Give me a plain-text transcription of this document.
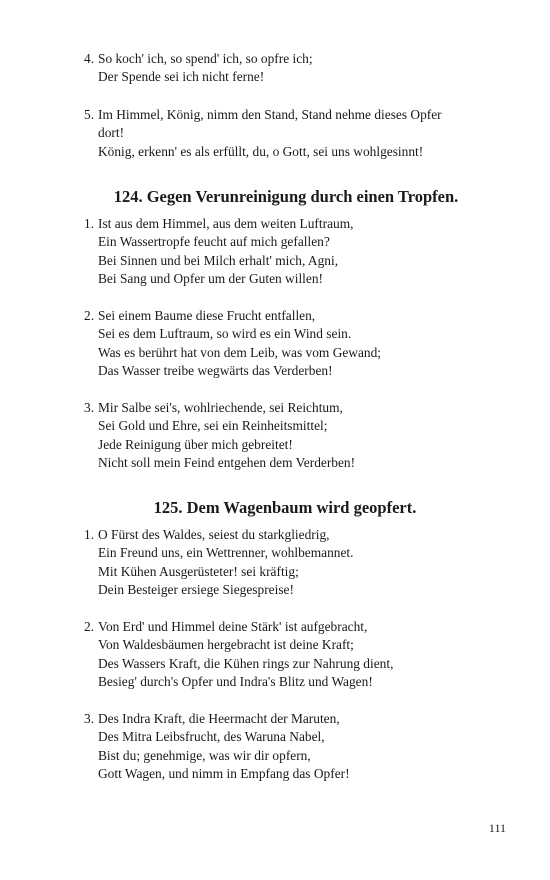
4. So koch' ich, so spend' ich, so opfre ich;
Der Spende sei ich nicht ferne!
5. Im Himmel, König, nimm den Stand, Stand nehme dieses Opfer
dort!
König, erkenn' es als erfüllt, du, o Gott, sei uns wohlgesinnt!
124. Gegen Verunreinigung durch einen Tropfen.
1. Ist aus dem Himmel, aus dem weiten Luftraum,
Ein Wassertropfe feucht auf mich gefallen?
Bei Sinnen und bei Milch erhalt' mich, Agni,
Bei Sang und Opfer um der Guten willen!
2. Sei einem Baume diese Frucht entfallen,
Sei es dem Luftraum, so wird es ein Wind sein.
Was es berührt hat von dem Leib, was vom Gewand;
Das Wasser treibe wegwärts das Verderben!
3. Mir Salbe sei's, wohlriechende, sei Reichtum,
Sei Gold und Ehre, sei ein Reinheitsmittel;
Jede Reinigung über mich gebreitet!
Nicht soll mein Feind entgehen dem Verderben!
125. Dem Wagenbaum wird geopfert.
1. O Fürst des Waldes, seiest du starkgliedrig,
Ein Freund uns, ein Wettrenner, wohlbemannet.
Mit Kühen Ausgerüsteter! sei kräftig;
Dein Besteiger ersiege Siegespreise!
2. Von Erd' und Himmel deine Stärk' ist aufgebracht,
Von Waldesbäumen hergebracht ist deine Kraft;
Des Wassers Kraft, die Kühen rings zur Nahrung dient,
Besieg' durch's Opfer und Indra's Blitz und Wagen!
3. Des Indra Kraft, die Heermacht der Maruten,
Des Mitra Leibsfrucht, des Waruna Nabel,
Bist du; genehmige, was wir dir opfern,
Gott Wagen, und nimm in Empfang das Opfer!
111
